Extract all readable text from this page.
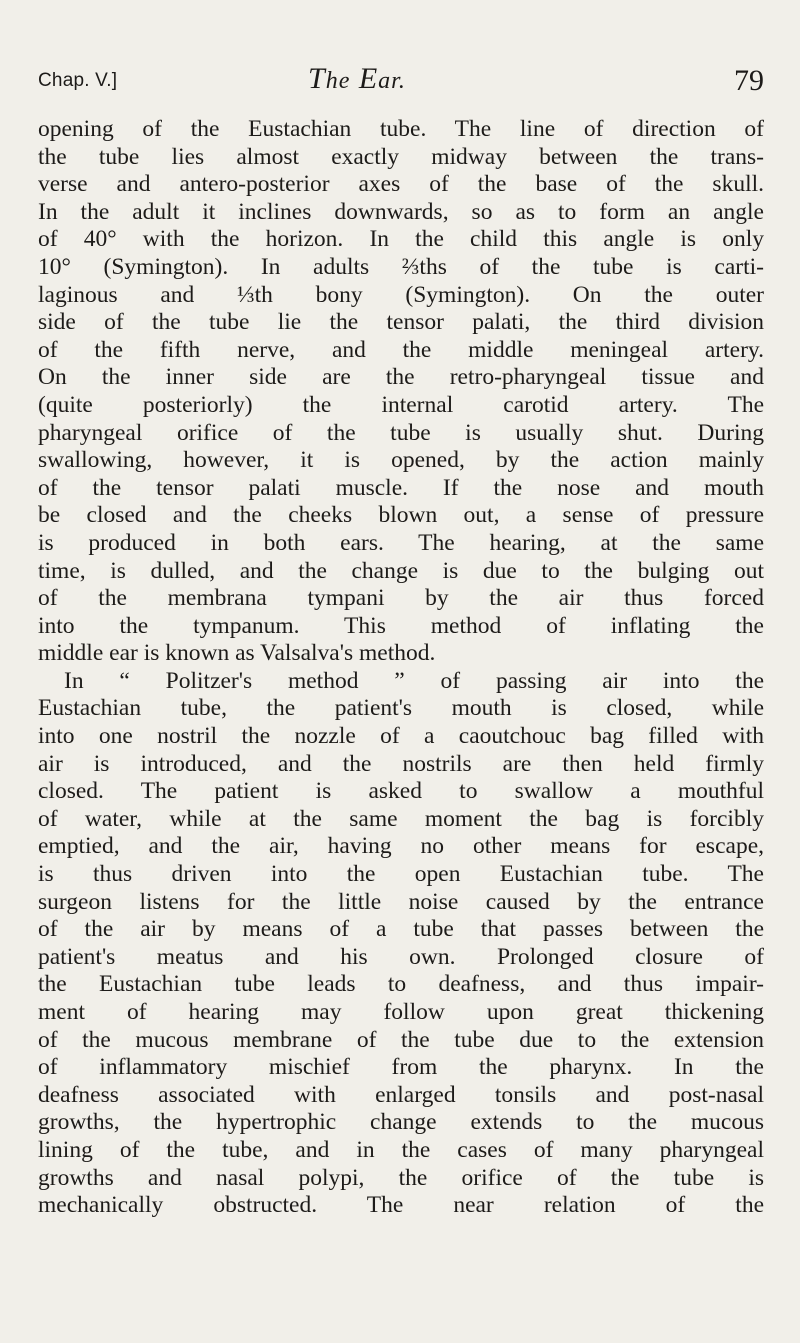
Chap. V.]	The Ear.	79
opening of the Eustachian tube. The line of direction of
the tube lies almost exactly midway between the trans-
verse and antero-posterior axes of the base of the skull.
In the adult it inclines downwards, so as to form an angle
of 40° with the horizon. In the child this angle is only
10° (Symington). In adults ⅔ths of the tube is carti-
laginous and ⅓th bony (Symington). On the outer
side of the tube lie the tensor palati, the third division
of the fifth nerve, and the middle meningeal artery.
On the inner side are the retro-pharyngeal tissue and
(quite posteriorly) the internal carotid artery. The
pharyngeal orifice of the tube is usually shut. During
swallowing, however, it is opened, by the action mainly
of the tensor palati muscle. If the nose and mouth
be closed and the cheeks blown out, a sense of pressure
is produced in both ears. The hearing, at the same
time, is dulled, and the change is due to the bulging out
of the membrana tympani by the air thus forced
into the tympanum. This method of inflating the
middle ear is known as Valsalva's method.
In “ Politzer's method ” of passing air into the
Eustachian tube, the patient's mouth is closed, while
into one nostril the nozzle of a caoutchouc bag filled with
air is introduced, and the nostrils are then held firmly
closed. The patient is asked to swallow a mouthful
of water, while at the same moment the bag is forcibly
emptied, and the air, having no other means for escape,
is thus driven into the open Eustachian tube. The
surgeon listens for the little noise caused by the entrance
of the air by means of a tube that passes between the
patient's meatus and his own. Prolonged closure of
the Eustachian tube leads to deafness, and thus impair-
ment of hearing may follow upon great thickening
of the mucous membrane of the tube due to the extension
of inflammatory mischief from the pharynx. In the
deafness associated with enlarged tonsils and post-nasal
growths, the hypertrophic change extends to the mucous
lining of the tube, and in the cases of many pharyngeal
growths and nasal polypi, the orifice of the tube is
mechanically obstructed. The near relation of the
